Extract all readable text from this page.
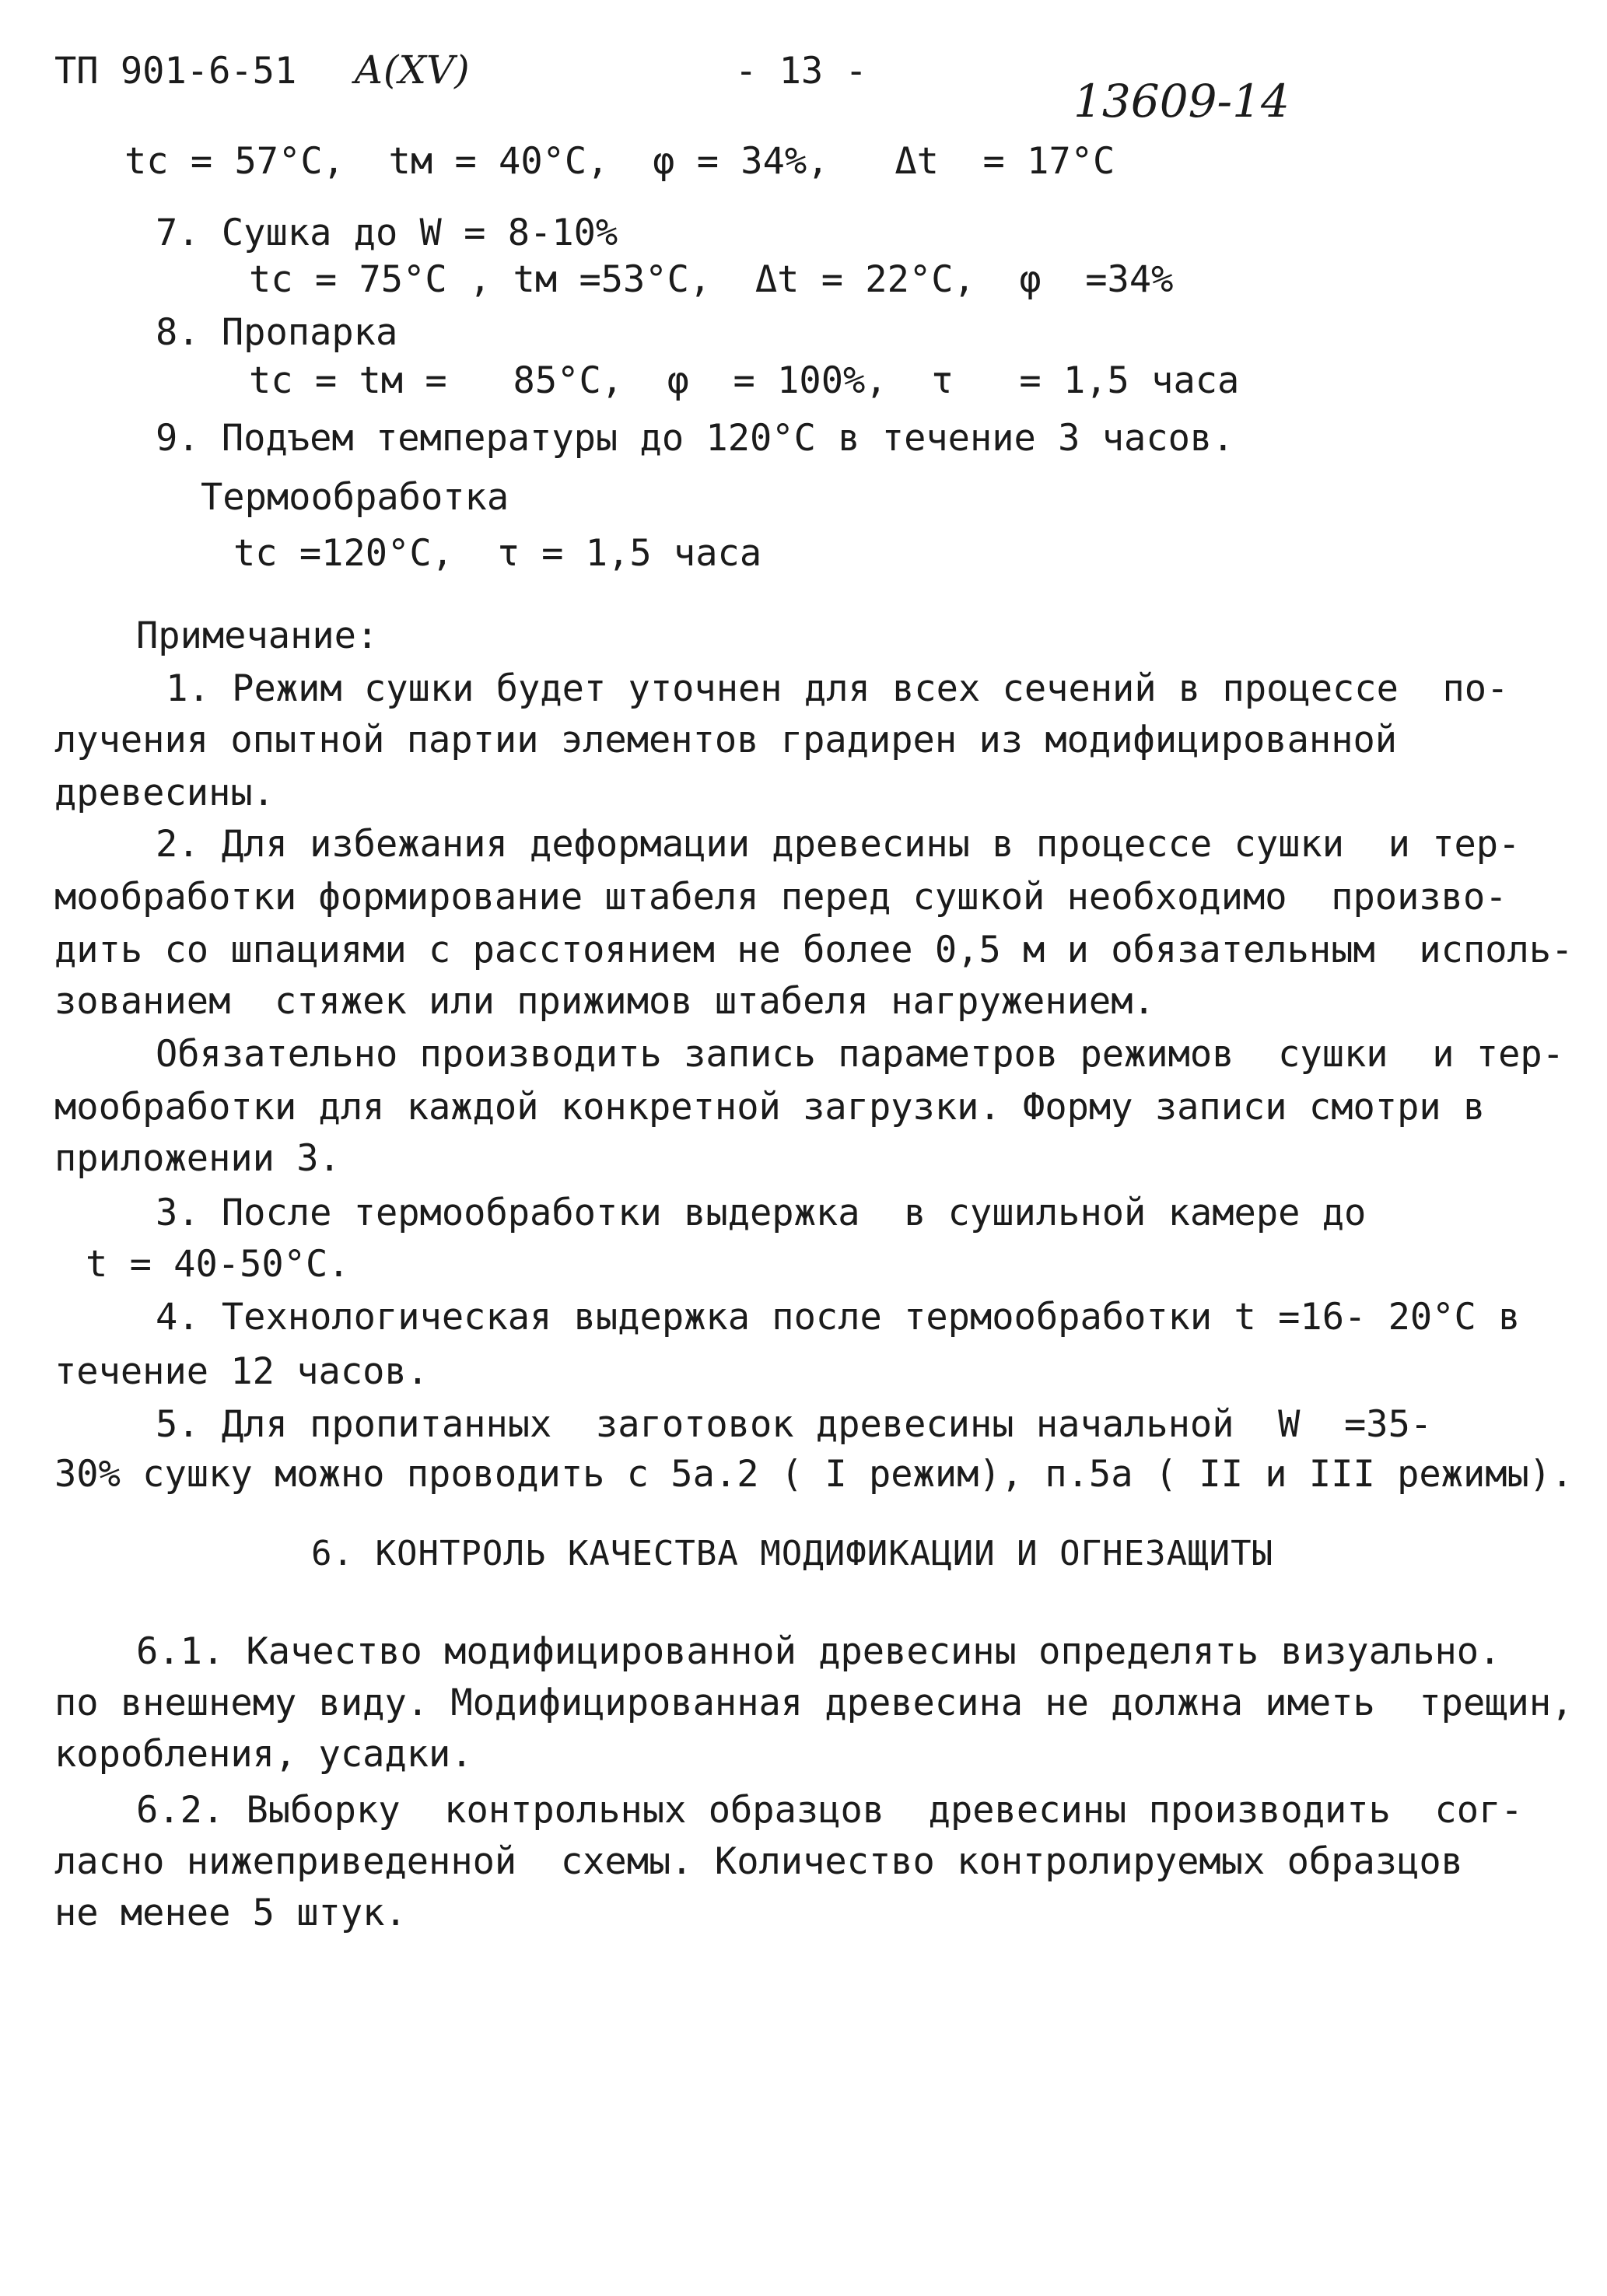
ТП 901-6-51 А(ХV)	- 13 -
13609-14
tс = 57°С,  tм = 40°С,  φ = 34%,   Δt  = 17°С
7. Сушка до W = 8-10%
tс = 75°С , tм =53°С,  Δt = 22°С,  φ  =34%
8. Пропарка
tс = tм =   85°С,  φ  = 100%,  τ   = 1,5 часа
9. Подъем температуры до 120°С в течение 3 часов.
Термообработка
tс =120°С,  τ = 1,5 часа
Примечание:
1. Режим сушки будет уточнен для всех сечений в процессе  по-
лучения опытной партии элементов градирен из модифицированной
древесины.
2. Для избежания деформации древесины в процессе сушки  и тер-
мообработки формирование штабеля перед сушкой необходимо  произво-
дить со шпациями с расстоянием не более 0,5 м и обязательным  исполь-
зованием  стяжек или прижимов штабеля нагружением.
Обязательно производить запись параметров режимов  сушки  и тер-
мообработки для каждой конкретной загрузки. Форму записи смотри в
приложении 3.
3. После термообработки выдержка  в сушильной камере до
t = 40-50°С.
4. Технологическая выдержка после термообработки t =16- 20°С в
течение 12 часов.
5. Для пропитанных  заготовок древесины начальной  W  =35-
30% сушку можно проводить с 5а.2 ( I режим), п.5а ( II и III режимы).
6. КОНТРОЛЬ КАЧЕСТВА МОДИФИКАЦИИ И ОГНЕЗАЩИТЫ
6.1. Качество модифицированной древесины определять визуально.
по внешнему виду. Модифицированная древесина не должна иметь  трещин,
коробления, усадки.
6.2. Выборку  контрольных образцов  древесины производить  сог-
ласно нижеприведенной  схемы. Количество контролируемых образцов
не менее 5 штук.
